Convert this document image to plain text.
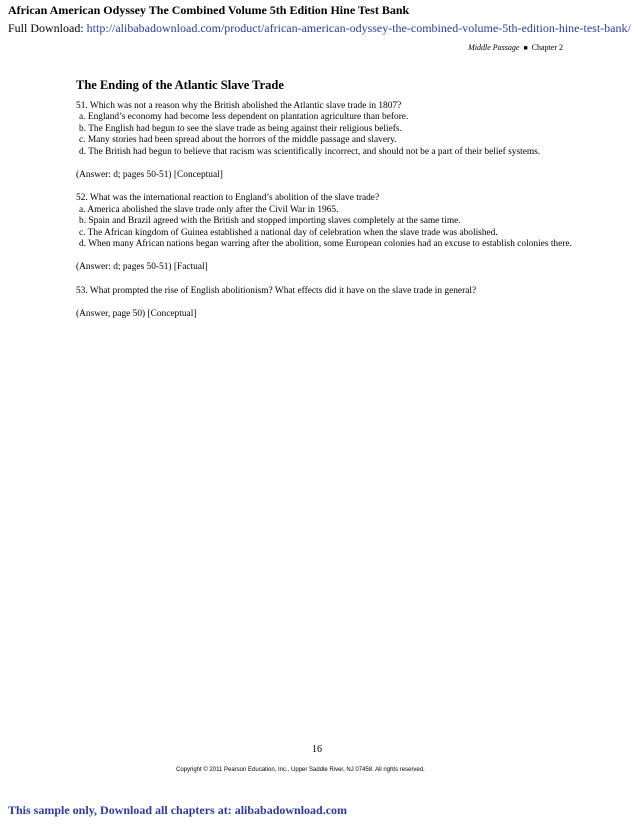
African American Odyssey The Combined Volume 5th Edition Hine Test Bank
Full Download: http://alibabadownload.com/product/african-american-odyssey-the-combined-volume-5th-edition-hine-test-bank/
Middle Passage ■ Chapter 2
The Ending of the Atlantic Slave Trade

51. Which was not a reason why the British abolished the Atlantic slave trade in 1807?

a. England’s economy had become less dependent on plantation agriculture than before.
b. The English had begun to see the slave trade as being against their religious beliefs.
c. Many stories had been spread about the horrors of the middle passage and slavery.
d. The British had begun to believe that racism was scientifically incorrect, and should not be a part of their belief systems.

(Answer: d; pages 50-51) [Conceptual]

52. What was the international reaction to England’s abolition of the slave trade?

a. America abolished the slave trade only after the Civil War in 1965.
b. Spain and Brazil agreed with the British and stopped importing slaves completely at the same time.
c. The African kingdom of Guinea established a national day of celebration when the slave trade was abolished.
d. When many African nations began warring after the abolition, some European colonies had an excuse to establish colonies there.

(Answer: d; pages 50-51) [Factual]

53. What prompted the rise of English abolitionism? What effects did it have on the slave trade in general?

(Answer, page 50) [Conceptual]

16
Copyright © 2011 Pearson Education, Inc., Upper Saddle River, NJ 07458. All rights reserved.
This sample only, Download all chapters at: alibabadownload.com
